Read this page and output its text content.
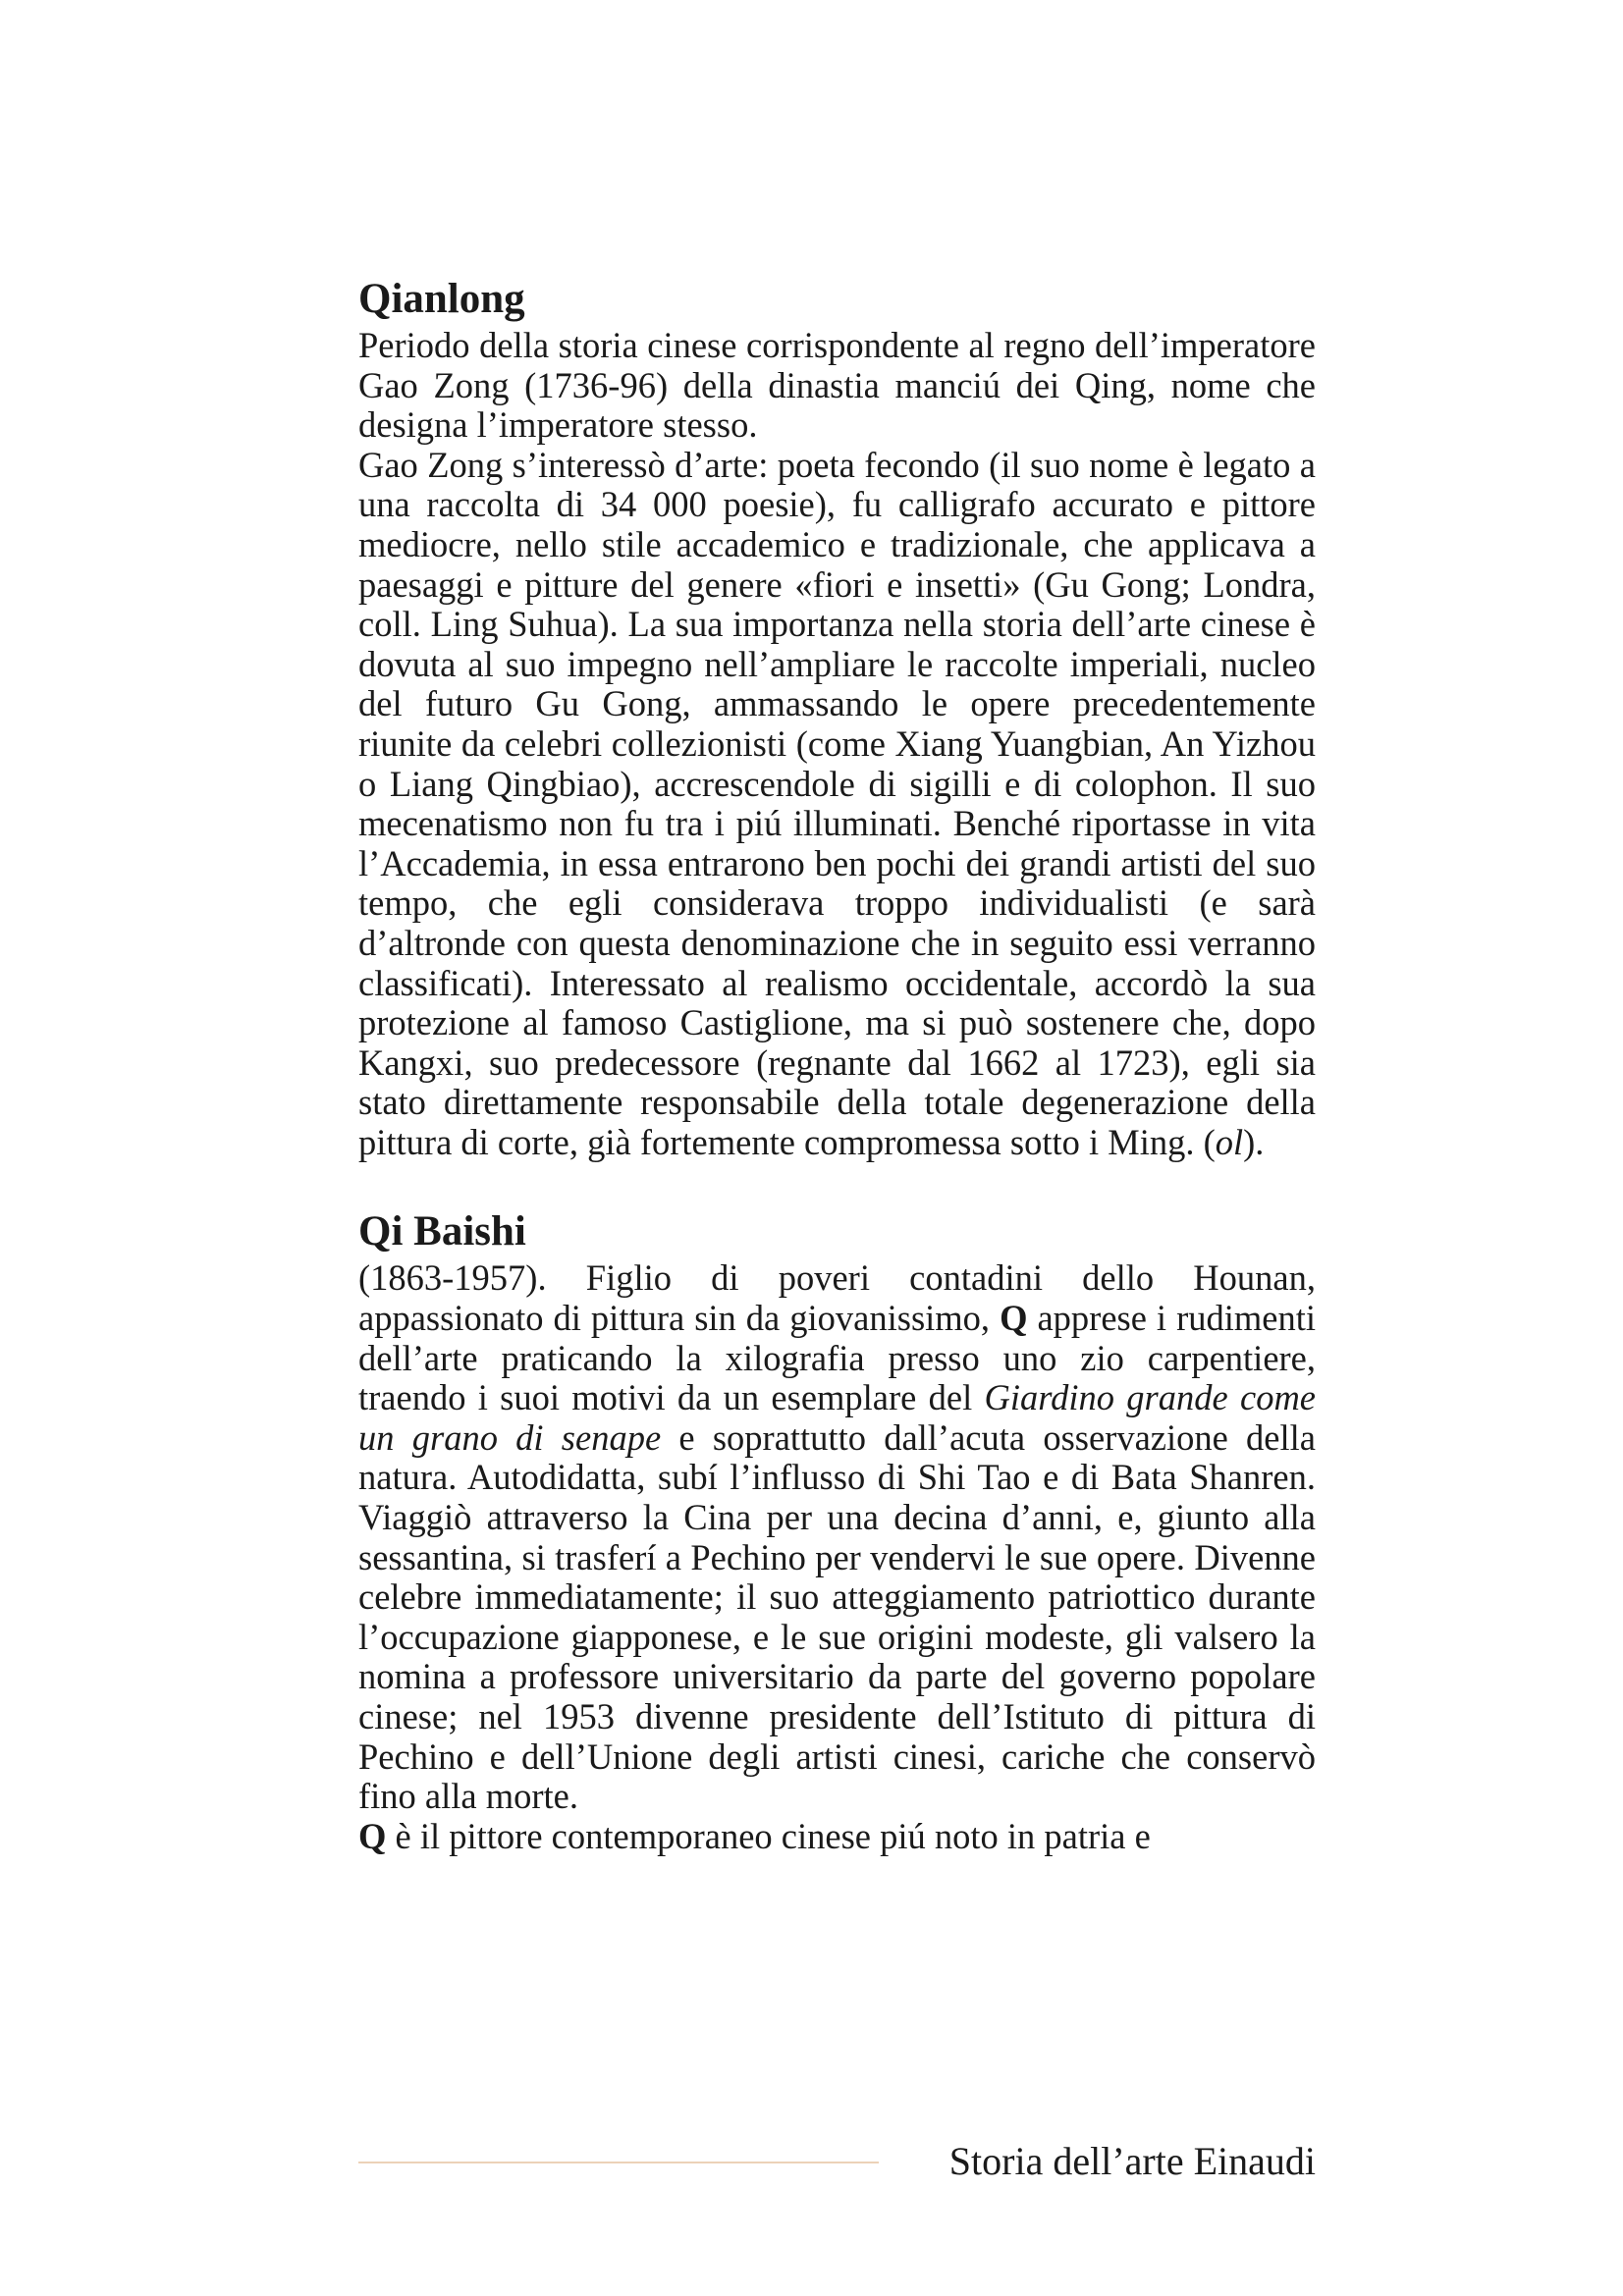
Qianlong

Periodo della storia cinese corrispondente al regno dell’imperatore Gao Zong (1736-96) della dinastia manciú dei Qing, nome che designa l’imperatore stesso.

Gao Zong s’interessò d’arte: poeta fecondo (il suo nome è legato a una raccolta di 34 000 poesie), fu calligrafo accurato e pittore mediocre, nello stile accademico e tradizionale, che applicava a paesaggi e pitture del genere «fiori e insetti» (Gu Gong; Londra, coll. Ling Suhua). La sua importanza nella storia dell’arte cinese è dovuta al suo impegno nell’ampliare le raccolte imperiali, nucleo del futuro Gu Gong, ammassando le opere precedentemente riunite da celebri collezionisti (come Xiang Yuangbian, An Yizhou o Liang Qingbiao), accrescendole di sigilli e di colophon. Il suo mecenatismo non fu tra i piú illuminati. Benché riportasse in vita l’Accademia, in essa entrarono ben pochi dei grandi artisti del suo tempo, che egli considerava troppo individualisti (e sarà d’altronde con questa denominazione che in seguito essi verranno classificati). Interessato al realismo occidentale, accordò la sua protezione al famoso Castiglione, ma si può sostenere che, dopo Kangxi, suo predecessore (regnante dal 1662 al 1723), egli sia stato direttamente responsabile della totale degenerazione della pittura di corte, già fortemente compromessa sotto i Ming. (ol).

Qi Baishi

(1863-1957). Figlio di poveri contadini dello Hounan, appassionato di pittura sin da giovanissimo, Q apprese i rudimenti dell’arte praticando la xilografia presso uno zio carpentiere, traendo i suoi motivi da un esemplare del Giardino grande come un grano di senape e soprattutto dall’acuta osservazione della natura. Autodidatta, subí l’influsso di Shi Tao e di Bata Shanren. Viaggiò attraverso la Cina per una decina d’anni, e, giunto alla sessantina, si trasferí a Pechino per vendervi le sue opere. Divenne celebre immediatamente; il suo atteggiamento patriottico durante l’occupazione giapponese, e le sue origini modeste, gli valsero la nomina a professore universitario da parte del governo popolare cinese; nel 1953 divenne presidente dell’Istituto di pittura di Pechino e dell’Unione degli artisti cinesi, cariche che conservò fino alla morte.
Q è il pittore contemporaneo cinese piú noto in patria e

Storia dell’arte Einaudi
